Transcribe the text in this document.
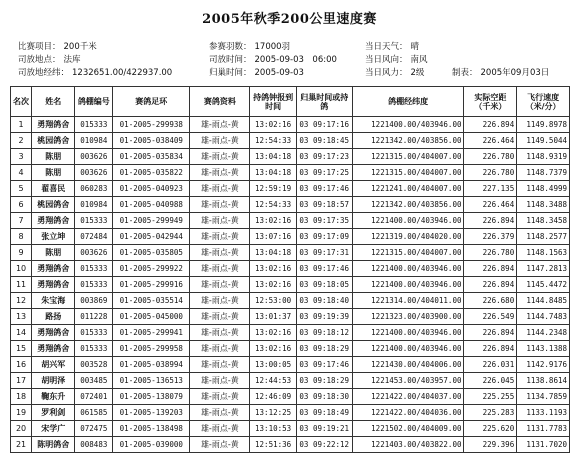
2005年秋季200公里速度赛
比赛项目： 200千米	参赛羽数： 17000羽	当日天气： 晴
司放地点： 法库	司放时间： 2005-09-03　06:00	当日风向： 南风
司放地经纬： 1232651.00/422937.00	归巢时间： 2005-09-03	当日风力： 2级	制表： 2005年09月03日
名次	姓名	鸽棚编号	赛鸽足环	赛鸽资料	持鸽钟报到时间	归巢时间或持鸽	鸽棚经纬度	实际空距（千米）	飞行速度（米/分）
1	勇翔鸽舍	015333	01-2005-299938	雄-雨点-黄	13:02:16	03 09:17:16	1221400.00/403946.00	226.894	1149.8978
2	桃园鸽舍	010984	01-2005-038409	雄-雨点-黄	12:54:33	03 09:18:45	1221342.00/403856.00	226.464	1149.5044
3	陈朋	003626	01-2005-035834	雄-雨点-黄	13:04:18	03 09:17:23	1221315.00/404007.00	226.780	1148.9319
4	陈朋	003626	01-2005-035822	雄-雨点-黄	13:04:18	03 09:17:25	1221315.00/404007.00	226.780	1148.7379
5	翟喜民	060283	01-2005-040923	雄-雨点-黄	12:59:19	03 09:17:46	1221241.00/404007.00	227.135	1148.4999
6	桃园鸽舍	010984	01-2005-040988	雄-雨点-黄	12:54:33	03 09:18:57	1221342.00/403856.00	226.464	1148.3488
7	勇翔鸽舍	015333	01-2005-299949	雄-雨点-黄	13:02:16	03 09:17:35	1221400.00/403946.00	226.894	1148.3458
8	张立坤	072484	01-2005-042944	雄-雨点-黄	13:07:16	03 09:17:09	1221319.00/404020.00	226.379	1148.2577
9	陈朋	003626	01-2005-035805	雄-雨点-黄	13:04:18	03 09:17:31	1221315.00/404007.00	226.780	1148.1563
10	勇翔鸽舍	015333	01-2005-299922	雄-雨点-黄	13:02:16	03 09:17:46	1221400.00/403946.00	226.894	1147.2813
11	勇翔鸽舍	015333	01-2005-299916	雄-雨点-黄	13:02:16	03 09:18:05	1221400.00/403946.00	226.894	1145.4472
12	朱宝海	003869	01-2005-035514	雄-雨点-黄	12:53:00	03 09:18:40	1221314.00/404011.00	226.680	1144.8485
13	路扬	011228	01-2005-045000	雄-雨点-黄	13:01:37	03 09:19:39	1221323.00/403900.00	226.549	1144.7483
14	勇翔鸽舍	015333	01-2005-299941	雄-雨点-黄	13:02:16	03 09:18:12	1221400.00/403946.00	226.894	1144.2348
15	勇翔鸽舍	015333	01-2005-299958	雄-雨点-黄	13:02:16	03 09:18:29	1221400.00/403946.00	226.894	1143.1388
16	胡兴军	003528	01-2005-038994	雄-雨点-黄	13:00:05	03 09:17:46	1221430.00/404006.00	226.031	1142.9176
17	胡明泽	003485	01-2005-136513	雄-雨点-黄	12:44:53	03 09:18:29	1221453.00/403957.00	226.045	1138.8614
18	鞠东升	072401	01-2005-138079	雄-雨点-黄	12:46:09	03 09:18:30	1221422.00/404037.00	225.255	1134.7859
19	罗利剑	061585	01-2005-139203	雄-雨点-黄	13:12:25	03 09:18:49	1221422.00/404036.00	225.283	1133.1193
20	宋学广	072475	01-2005-138498	雄-雨点-黄	13:10:53	03 09:19:21	1221502.00/404009.00	225.620	1131.7783
21	陈明鸽舍	008483	01-2005-039000	雄-雨点-黄	12:51:36	03 09:22:12	1221403.00/403822.00	229.396	1131.7020
